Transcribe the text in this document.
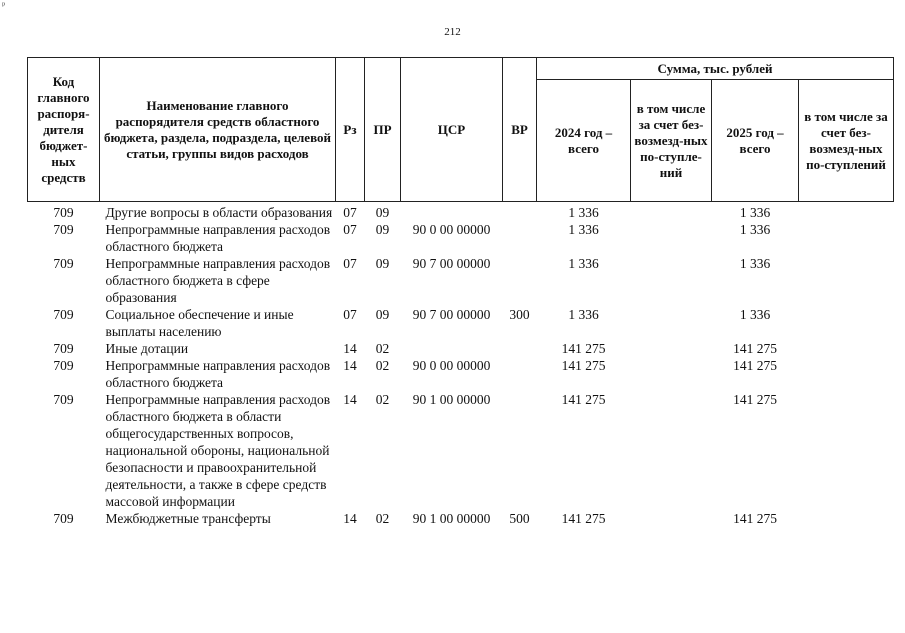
ᵖ
212
Код главного распоря-дителя бюджет-ных средств	Наименование главного распорядителя средств областного бюджета, раздела, подраздела, целевой статьи, группы видов расходов	Рз	ПР	ЦСР	ВР	Сумма, тыс. рублей			
						2024 год – всего	в том числе за счет без-возмезд-ных по-ступле-ний	2025 год – всего	в том числе за счет без-возмезд-ных по-ступлений

709	Другие вопросы в области образования	07	09			1 336		1 336	
709	Непрограммные направления расходов областного бюджета	07	09	90 0 00 00000		1 336		1 336	
709	Непрограммные направления расходов областного бюджета в сфере образования	07	09	90 7 00 00000		1 336		1 336	
709	Социальное обеспечение и иные выплаты населению	07	09	90 7 00 00000	300	1 336		1 336	
709	Иные дотации	14	02			141 275		141 275	
709	Непрограммные направления расходов областного бюджета	14	02	90 0 00 00000		141 275		141 275	
709	Непрограммные направления расходов областного бюджета в области общегосударственных вопросов, национальной обороны, национальной безопасности и правоохранительной деятельности, а также в сфере средств массовой информации	14	02	90 1 00 00000		141 275		141 275	
709	Межбюджетные трансферты	14	02	90 1 00 00000	500	141 275		141 275	
